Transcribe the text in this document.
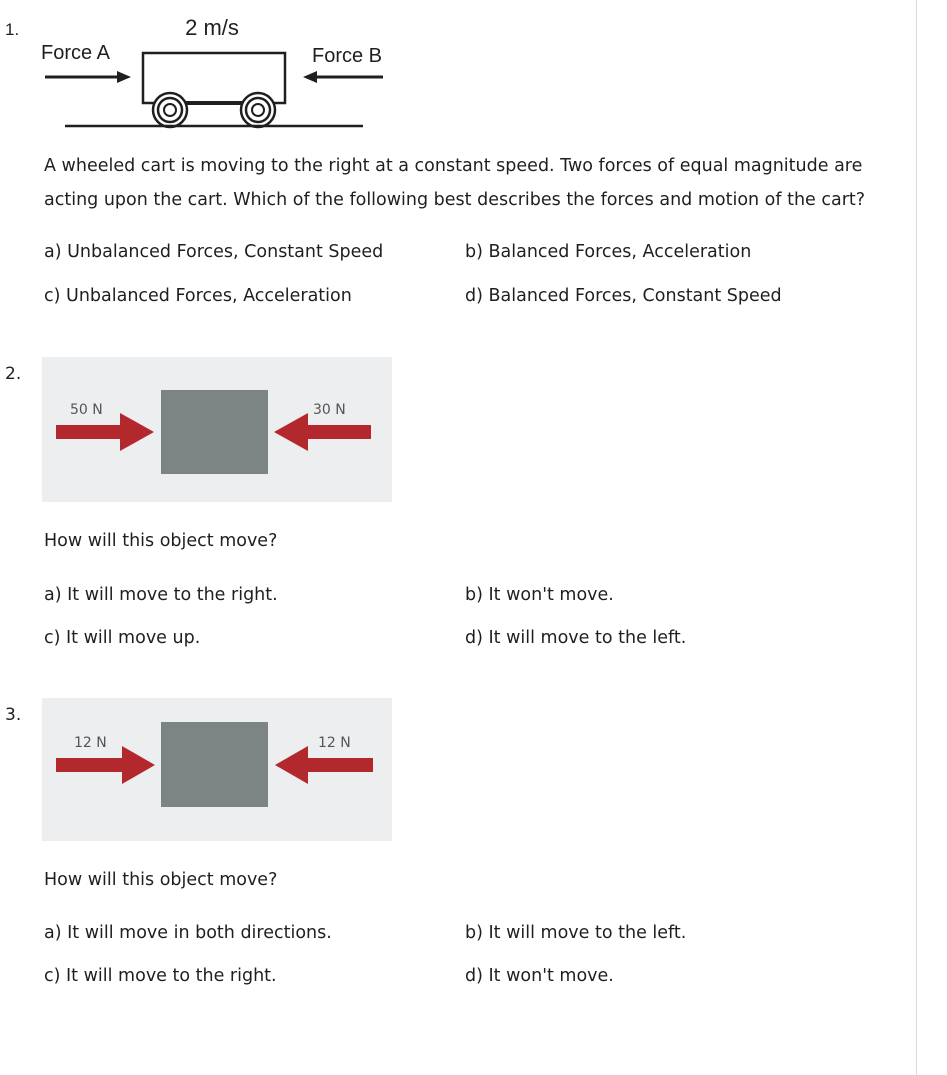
1.	2 m/s
Force A	Force B
A wheeled cart is moving to the right at a constant speed. Two forces of equal magnitude are
acting upon the cart. Which of the following best describes the forces and motion of the cart?
a) Unbalanced Forces, Constant Speed	b) Balanced Forces, Acceleration
c) Unbalanced Forces, Acceleration	d) Balanced Forces, Constant Speed
2.
50 N	30 N
How will this object move?
a) It will move to the right.	b) It won't move.
c) It will move up.	d) It will move to the left.
3.
12 N	12 N
How will this object move?
a) It will move in both directions.	b) It will move to the left.
c) It will move to the right.	d) It won't move.
